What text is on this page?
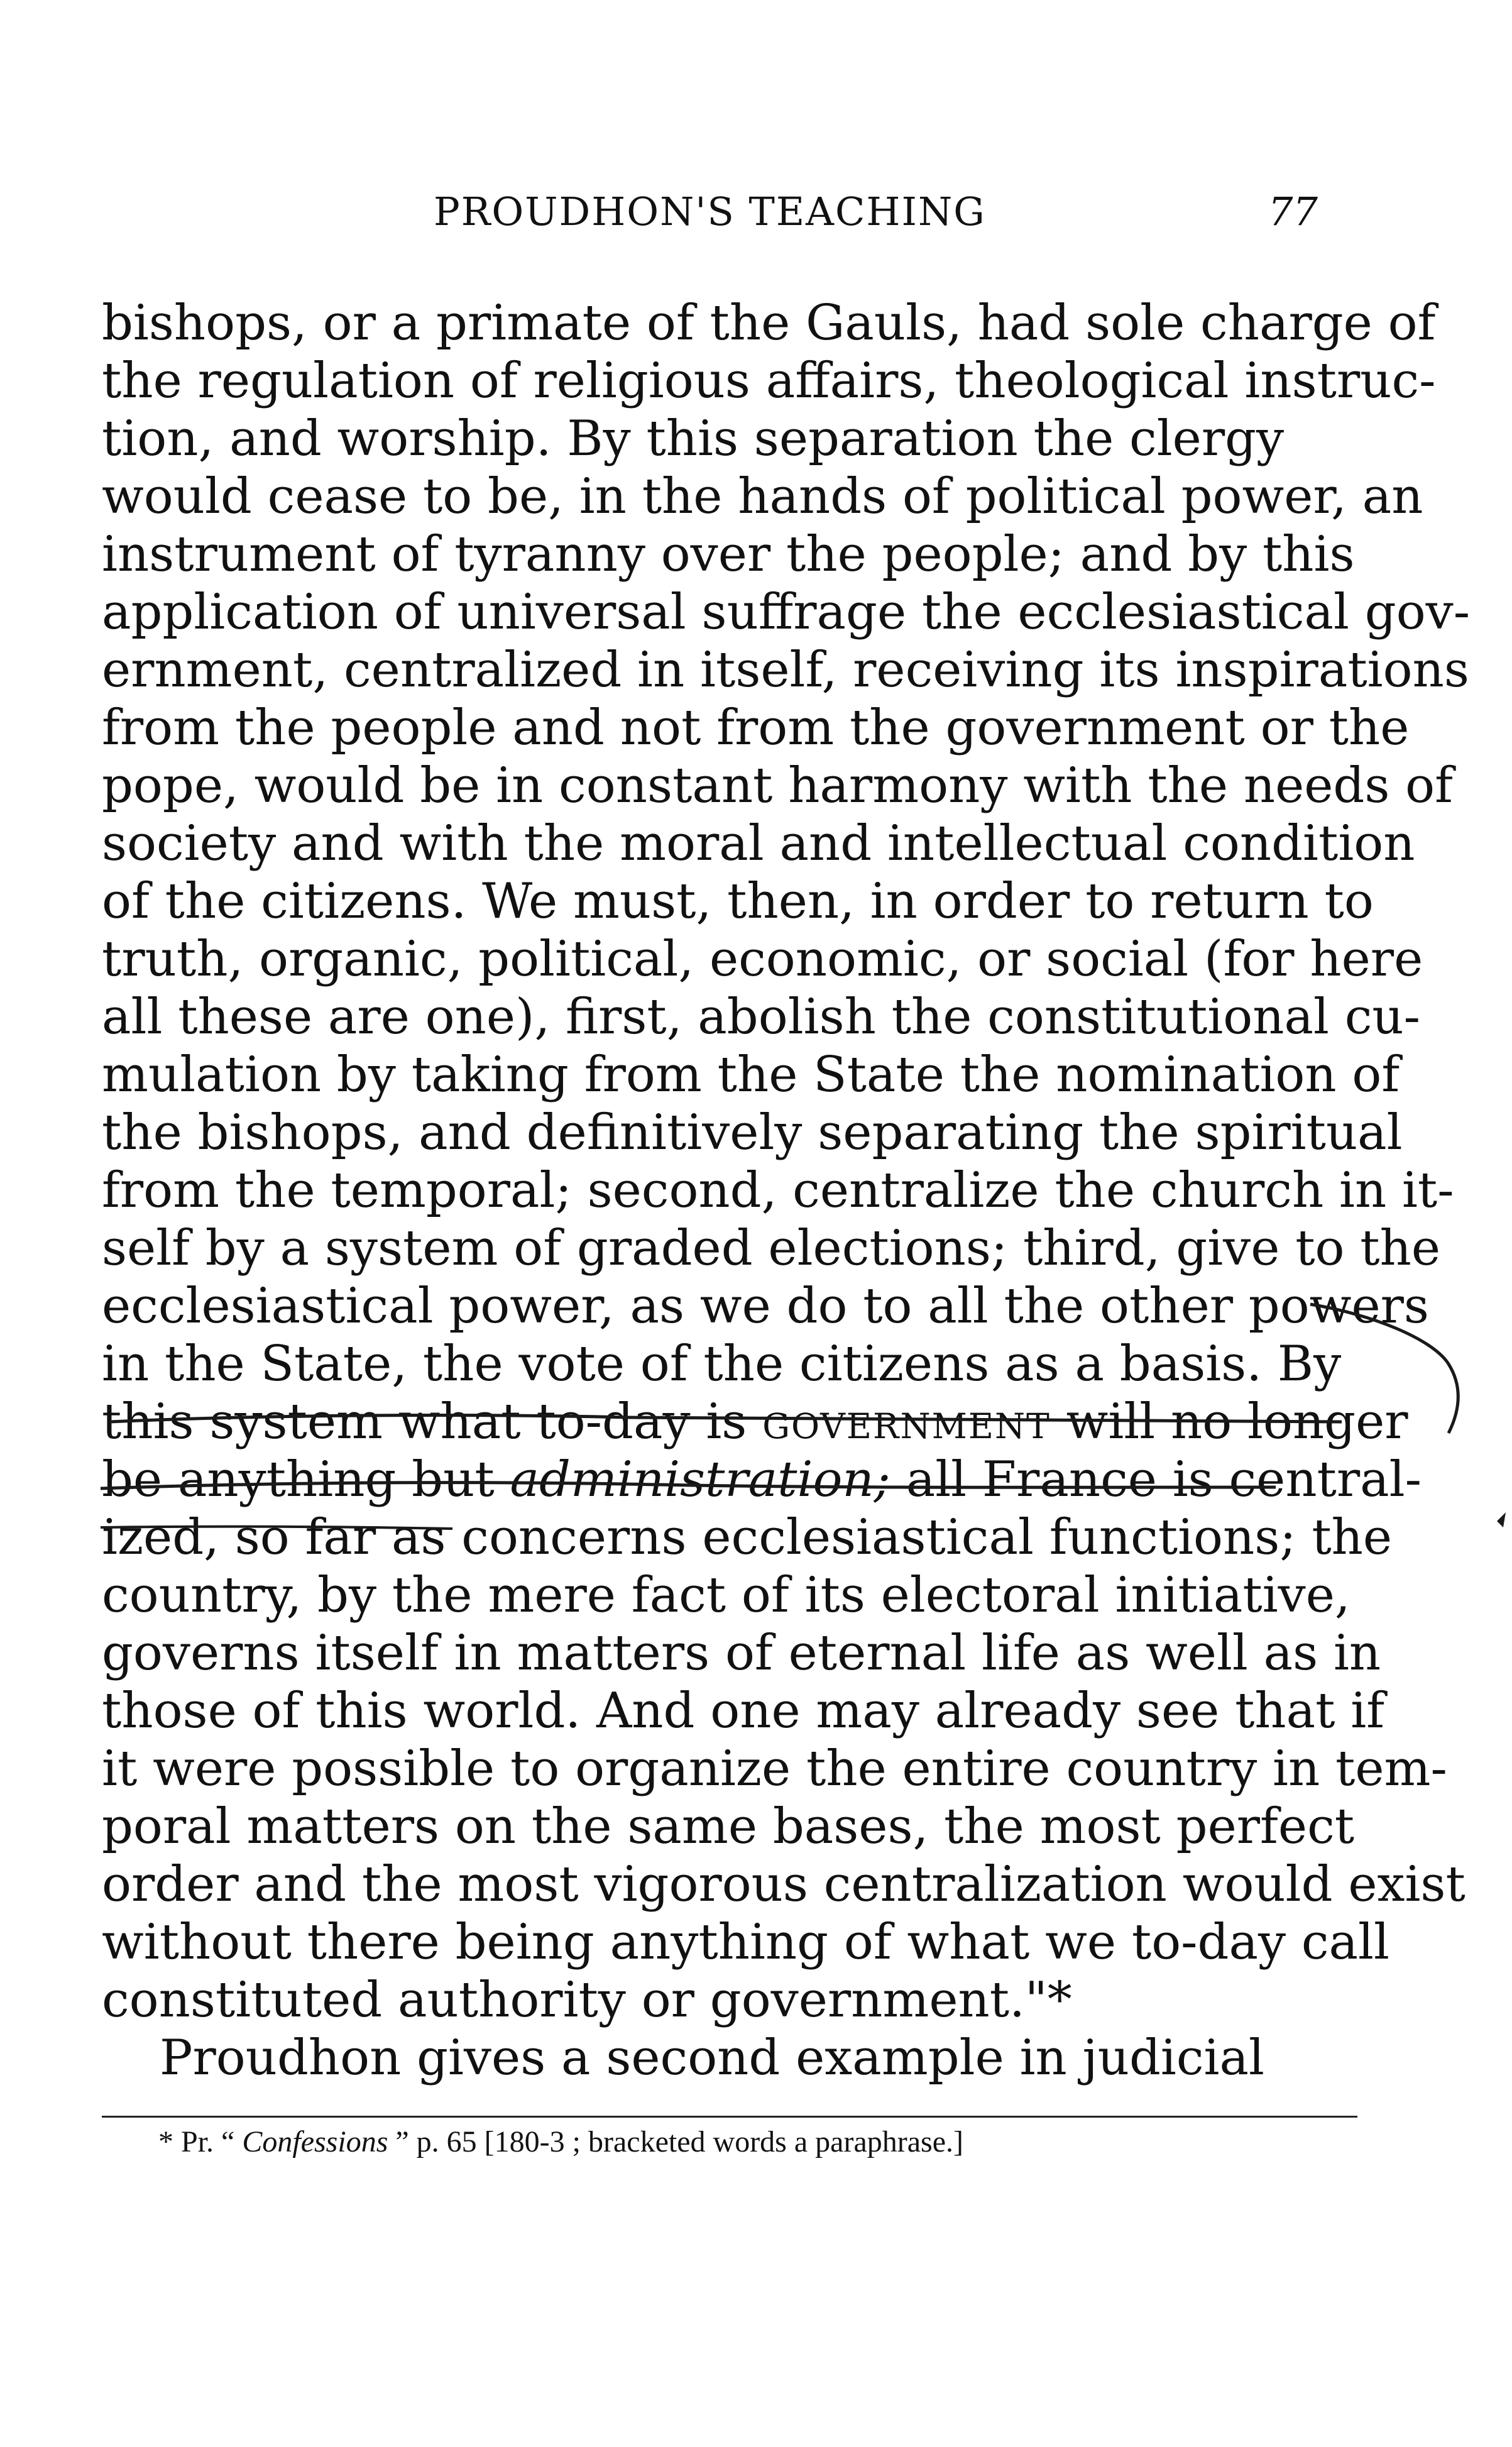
PROUDHON'S TEACHING	77
bishops, or a primate of the Gauls, had sole charge of
the regulation of religious affairs, theological instruc-
tion, and worship. By this separation the clergy
would cease to be, in the hands of political power, an
instrument of tyranny over the people; and by this
application of universal suffrage the ecclesiastical gov-
ernment, centralized in itself, receiving its inspirations
from the people and not from the government or the
pope, would be in constant harmony with the needs of
society and with the moral and intellectual condition
of the citizens. We must, then, in order to return to
truth, organic, political, economic, or social (for here
all these are one), first, abolish the constitutional cu-
mulation by taking from the State the nomination of
the bishops, and definitively separating the spiritual
from the temporal; second, centralize the church in it-
self by a system of graded elections; third, give to the
ecclesiastical power, as we do to all the other powers
in the State, the vote of the citizens as a basis. By
this system what to-day is government will no longer
be anything but administration; all France is central-
ized, so far as concerns ecclesiastical functions; the
country, by the mere fact of its electoral initiative,
governs itself in matters of eternal life as well as in
those of this world. And one may already see that if
it were possible to organize the entire country in tem-
poral matters on the same bases, the most perfect
order and the most vigorous centralization would exist
without there being anything of what we to-day call
constituted authority or government."*
Proudhon gives a second example in judicial
* Pr. “ Confessions ” p. 65 [180-3 ; bracketed words a paraphrase.]
